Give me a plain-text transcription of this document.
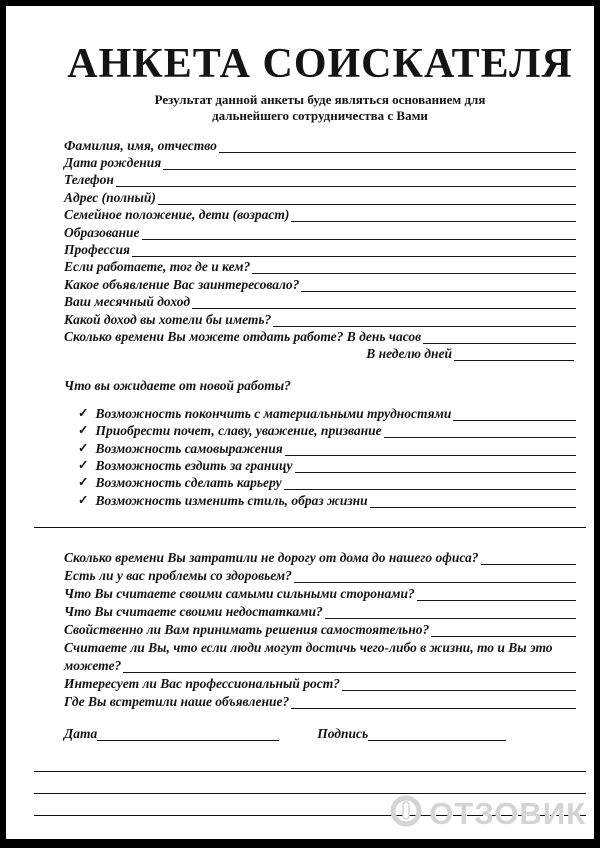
АНКЕТА СОИСКАТЕЛЯ

Результат данной анкеты буде являться основанием для
дальнейшего сотрудничества с Вами

Фамилия, имя, отчество
Дата рождения
Телефон
Адрес (полный)
Семейное положение, дети (возраст)
Образование
Профессия
Если работаете, тог де и кем?
Какое объявление Вас заинтересовало?
Ваш месячный доход
Какой доход вы хотели бы иметь?
Сколько времени Вы можете отдать работе? В день часов
В неделю дней
Что вы ожидаете от новой работы?
✓ Возможность покончить с материальными трудностями
✓ Приобрести почет, славу, уважение, призвание
✓ Возможность самовыражения
✓ Возможность ездить за границу
✓ Возможность сделать карьеру
✓ Возможность изменить стиль, образ жизни
Сколько времени Вы затратили не дорогу от дома до нашего офиса?
Есть ли у вас проблемы со здоровьем?
Что Вы считаете своими самыми сильными сторонами?
Что Вы считаете своими недостатками?
Свойственно ли Вам принимать решения самостоятельно?
Считаете ли Вы, что если люди могут достичь чего-либо в жизни, то и Вы это
можете?
Интересует ли Вас профессиональный рост?
Где Вы встретили наше объявление?
Дата	Подпись
ОТЗОВИК
